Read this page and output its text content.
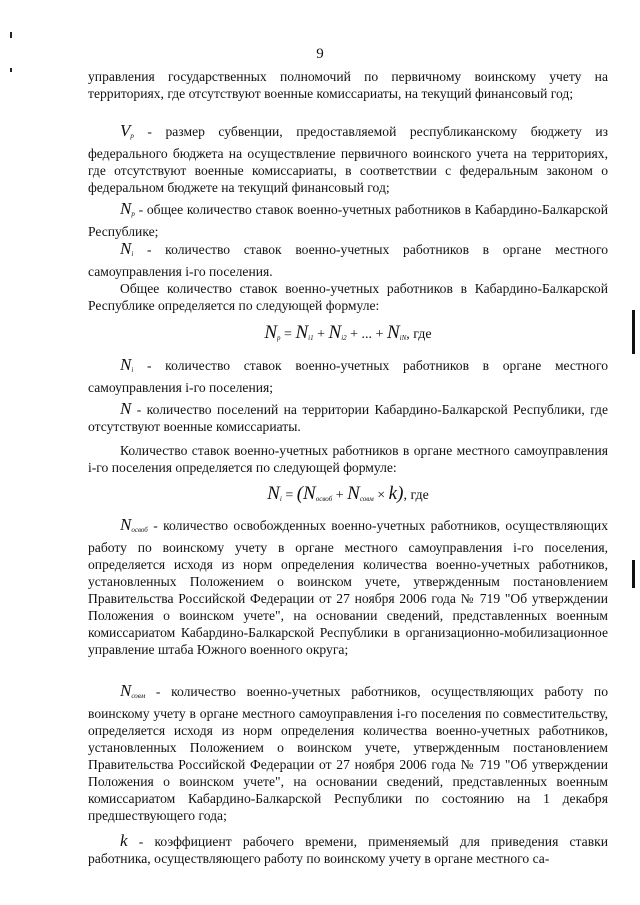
9

управления государственных полномочий по первичному воинскому учету на территориях, где отсутствуют военные комиссариаты, на текущий финансовый год;

$V_р$ - размер субвенции, предоставляемой республиканскому бюджету из федерального бюджета на осуществление первичного воинского учета на территориях, где отсутствуют военные комиссариаты, в соответствии с федеральным законом о федеральном бюджете на текущий финансовый год;

$N_р$ - общее количество ставок военно-учетных работников в Кабардино-Балкарской Республике;

$N_i$ - количество ставок военно-учетных работников в органе местного самоуправления i-го поселения.

Общее количество ставок военно-учетных работников в Кабардино-Балкарской Республике определяется по следующей формуле:

$N_р = N_{i1} + N_{i2}$ + ... + $N_{iN}$, где

$N_i$ - количество ставок военно-учетных работников в органе местного самоуправления i-го поселения;

N - количество поселений на территории Кабардино-Балкарской Республики, где отсутствуют военные комиссариаты.

Количество ставок военно-учетных работников в органе местного самоуправления i-го поселения определяется по следующей формуле:

$N_i = (N_{освоб} + N_{совм} \times k)$, где

$N_{освоб}$ - количество освобожденных военно-учетных работников, осуществляющих работу по воинскому учету в органе местного самоуправления i-го поселения, определяется исходя из норм определения количества военно-учетных работников, установленных Положением о воинском учете, утвержденным постановлением Правительства Российской Федерации от 27 ноября 2006 года № 719 "Об утверждении Положения о воинском учете", на основании сведений, представленных военным комиссариатом Кабардино-Балкарской Республики в организационно-мобилизационное управление штаба Южного военного округа;

$N_{совм}$ - количество военно-учетных работников, осуществляющих работу по воинскому учету в органе местного самоуправления i-го поселения по совместительству, определяется исходя из норм определения количества военно-учетных работников, установленных Положением о воинском учете, утвержденным постановлением Правительства Российской Федерации от 27 ноября 2006 года № 719 "Об утверждении Положения о воинском учете", на основании сведений, представленных военным комиссариатом Кабардино-Балкарской Республики по состоянию на 1 декабря предшествующего года;

k - коэффициент рабочего времени, применяемый для приведения ставки работника, осуществляющего работу по воинскому учету в органе местного са-
